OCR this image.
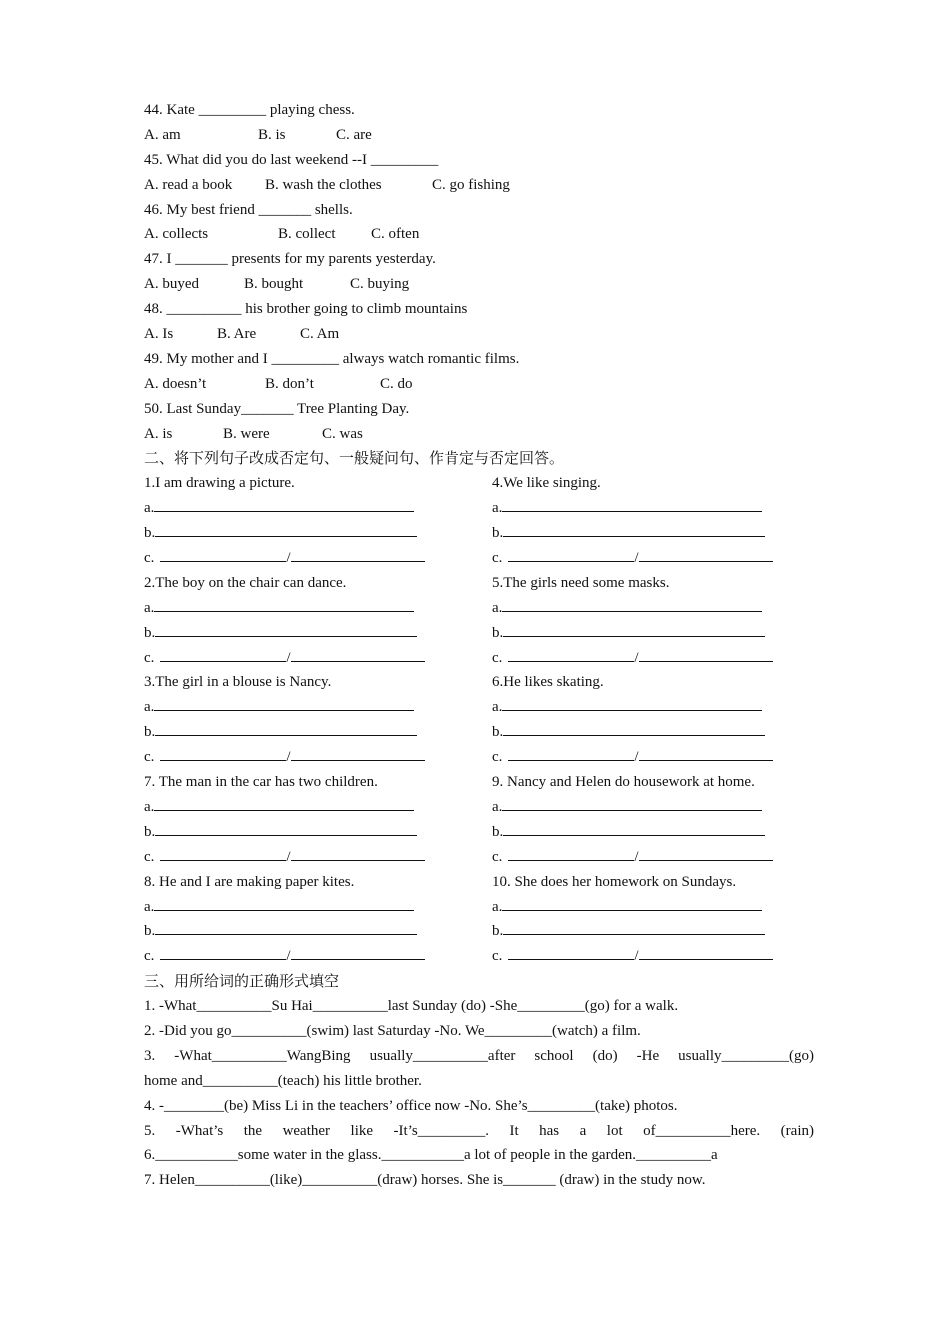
44. Kate _________ playing chess.
A. am	B. is	C. are
45. What did you do last weekend --I _________
A. read a book B. wash the clothes	C. go fishing
46. My best friend _______ shells.
A. collects	B. collect C. often
47. I _______ presents for my parents yesterday.
A. buyed	B. bought	C. buying
48. __________ his brother going to climb mountains
A. Is	B. Are	C. Am
49. My mother and I _________ always watch romantic films.
A. doesn’t	B. don’t	C. do
50. Last Sunday_______ Tree Planting Day.
A. is	B. were	C. was
二、将下列句子改成否定句、一般疑问句、作肯定与否定回答。
1.I am drawing a picture.
a.
b.
c.	/
4.We like singing.
a.
b.
c.	/
2.The boy on the chair can dance.
a.
b.
c.	/
5.The girls need some masks.
a.
b.
c.	/
3.The girl in a blouse is Nancy.
a.
b.
c.	/
6.He likes skating.
a.
b.
c.	/
7. The man in the car has two children.
a.
b.
c.	/
9. Nancy and Helen do housework at home.
a.
b.
c.	/
8. He and I are making paper kites.
a.
b.
c.	/
10. She does her homework on Sundays.
a.
b.
c.	/
三、用所给词的正确形式填空
1. -What__________Su Hai__________last Sunday (do) -She_________(go) for a walk.
2. -Did you go__________(swim) last Saturday -No. We_________(watch) a film.
3. -What__________WangBing usually__________after school (do) -He usually_________(go)
home and__________(teach) his little brother.
4. -________(be) Miss Li in the teachers’ office now -No. She’s_________(take) photos.
5. -What’s the weather like -It’s_________. It has a lot of__________here. (rain)
6.___________some water in the glass.___________a lot of people in the garden.__________a
7. Helen__________(like)__________(draw) horses. She is_______ (draw) in the study now.
